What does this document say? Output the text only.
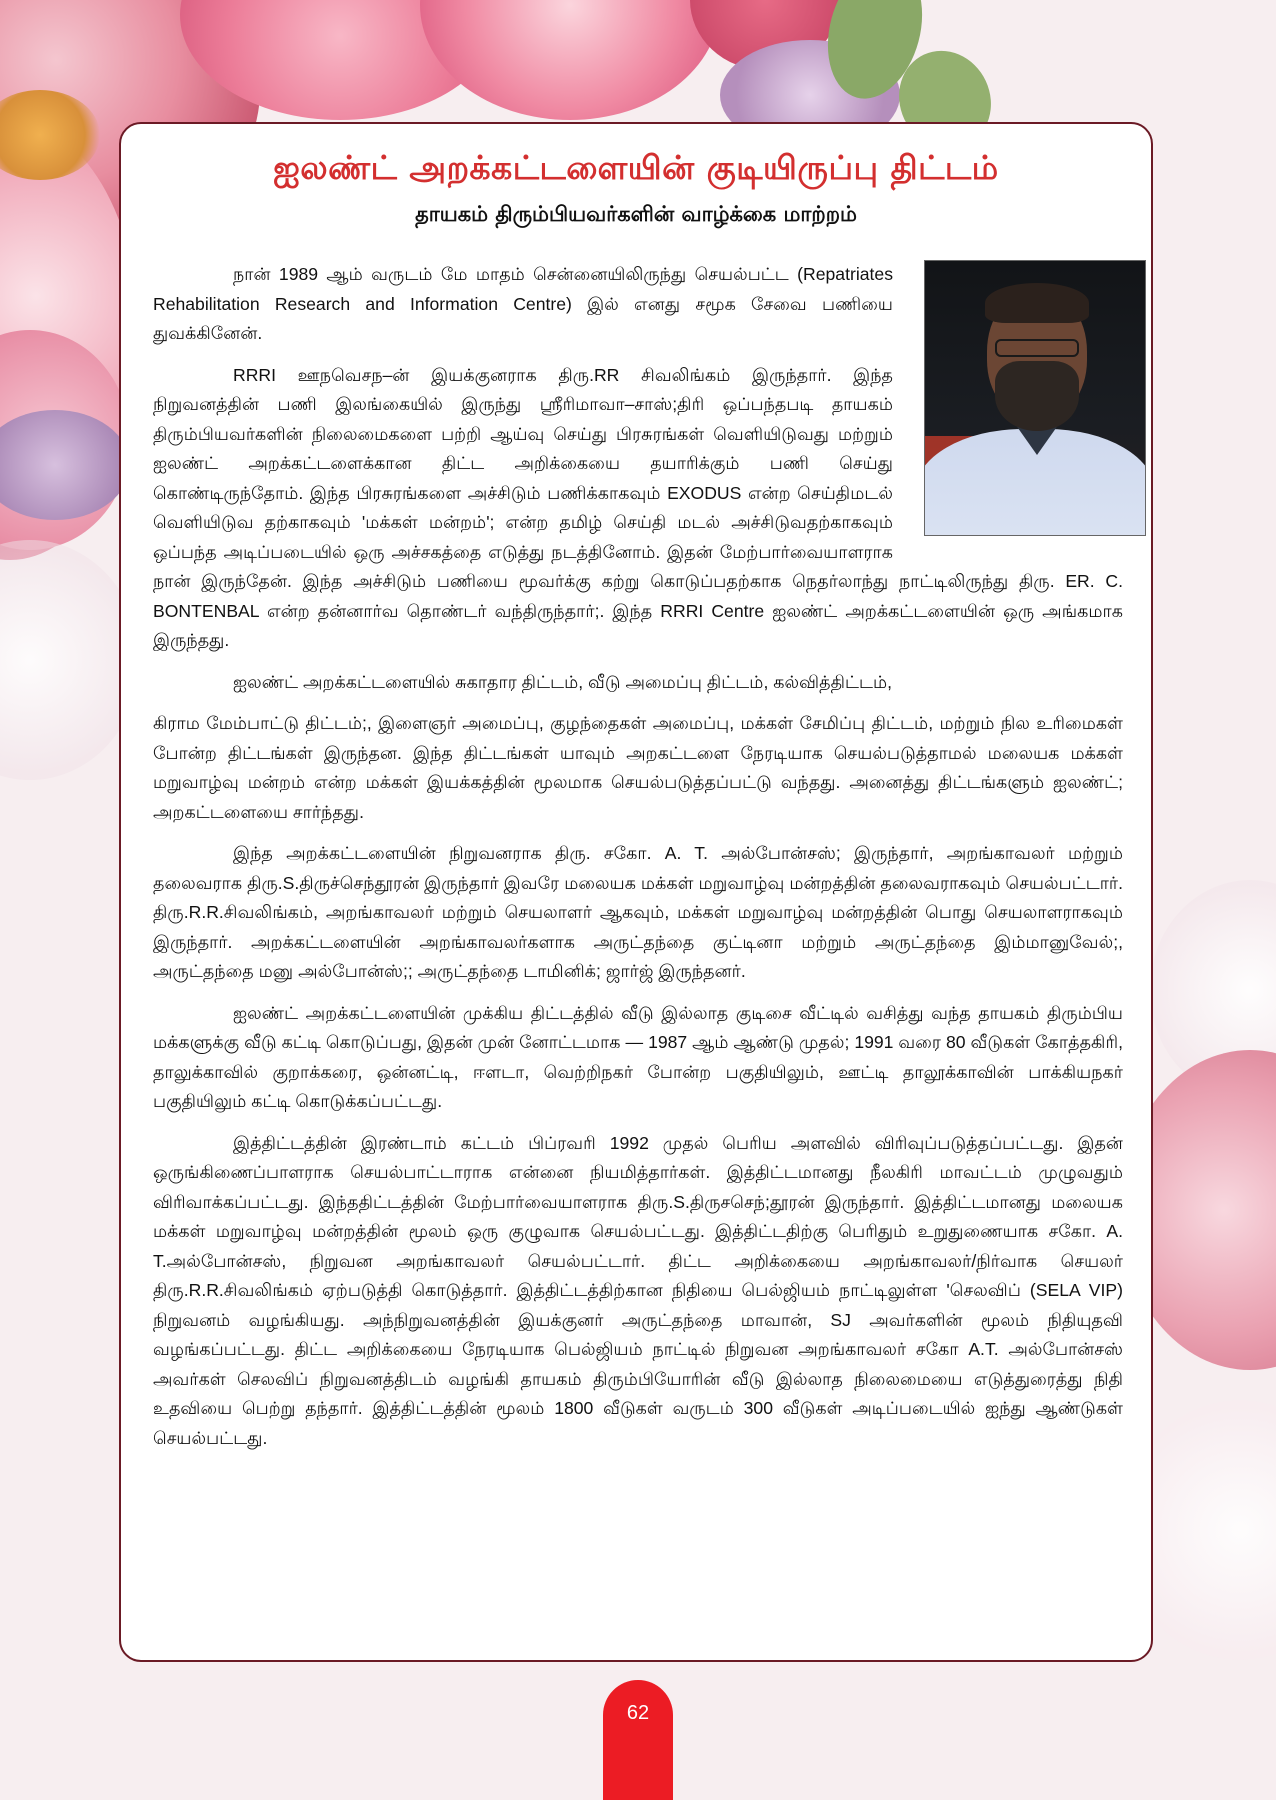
ஐலண்ட் அறக்கட்டளையின் குடியிருப்பு திட்டம்
தாயகம் திரும்பியவர்களின் வாழ்க்கை மாற்றம்

நான் 1989 ஆம் வருடம் மே மாதம் சென்னையிலிருந்து செயல்பட்ட (Repatriates Rehabilitation Research and Information Centre) இல் எனது சமூக சேவை பணியை துவக்கினேன்.

RRRI ஊநவெசந–ன் இயக்குனராக திரு.RR சிவலிங்கம் இருந்தார். இந்த நிறுவனத்தின் பணி இலங்கையில் இருந்து ஸ்ரீரிமாவா–சாஸ்;திரி ஒப்பந்தபடி தாயகம் திரும்பியவர்களின் நிலைமைகளை பற்றி ஆய்வு செய்து பிரசுரங்கள் வெளியிடுவது மற்றும் ஐலண்ட் அறக்கட்டளைக்கான திட்ட அறிக்கையை தயாரிக்கும் பணி செய்து கொண்டிருந்தோம். இந்த பிரசுரங்களை அச்சிடும் பணிக்காகவும் EXODUS என்ற செய்திமடல் வெளியிடுவ தற்காகவும் 'மக்கள் மன்றம்'; என்ற தமிழ் செய்தி மடல் அச்சிடுவதற்காகவும் ஒப்பந்த அடிப்படையில் ஒரு அச்சகத்தை எடுத்து நடத்தினோம். இதன் மேற்பார்வையாளராக நான் இருந்தேன். இந்த அச்சிடும் பணியை மூவர்க்கு கற்று கொடுப்பதற்காக நெதர்லாந்து நாட்டிலிருந்து திரு. ER. C. BONTENBAL என்ற தன்னார்வ தொண்டர் வந்திருந்தார்;. இந்த RRRI Centre ஐலண்ட் அறக்கட்டளையின் ஒரு அங்கமாக இருந்தது.

ஐலண்ட் அறக்கட்டளையில் சுகாதார திட்டம், வீடு அமைப்பு திட்டம், கல்வித்திட்டம்,

கிராம மேம்பாட்டு திட்டம்;, இளைஞர் அமைப்பு, குழந்தைகள் அமைப்பு, மக்கள் சேமிப்பு திட்டம், மற்றும் நில உரிமைகள் போன்ற திட்டங்கள் இருந்தன. இந்த திட்டங்கள் யாவும் அறகட்டளை நேரடியாக செயல்படுத்தாமல் மலையக மக்கள் மறுவாழ்வு மன்றம் என்ற மக்கள் இயக்கத்தின் மூலமாக செயல்படுத்தப்பட்டு வந்தது. அனைத்து திட்டங்களும் ஐலண்ட்; அறகட்டளையை சார்ந்தது.

இந்த அறக்கட்டளையின் நிறுவனராக திரு. சகோ. A. T. அல்போன்சஸ்; இருந்தார், அறங்காவலர் மற்றும் தலைவராக திரு.S.திருச்செந்தூரன் இருந்தார் இவரே மலையக மக்கள் மறுவாழ்வு மன்றத்தின் தலைவராகவும் செயல்பட்டார். திரு.R.R.சிவலிங்கம், அறங்காவலர் மற்றும் செயலாளர் ஆகவும், மக்கள் மறுவாழ்வு மன்றத்தின் பொது செயலாளராகவும் இருந்தார். அறக்கட்டளையின் அறங்காவலர்களாக அருட்தந்தை குட்டினா மற்றும் அருட்தந்தை இம்மானுவேல்;, அருட்தந்தை மனு அல்போன்ஸ்;; அருட்தந்தை டாமினிக்; ஜார்ஜ் இருந்தனர்.

ஐலண்ட் அறக்கட்டளையின் முக்கிய திட்டத்தில் வீடு இல்லாத குடிசை வீட்டில் வசித்து வந்த தாயகம் திரும்பிய மக்களுக்கு வீடு கட்டி கொடுப்பது, இதன் முன் னோட்டமாக — 1987 ஆம் ஆண்டு முதல்; 1991 வரை 80 வீடுகள் கோத்தகிரி, தாலுக்காவில் குறாக்கரை, ஒன்னட்டி, ஈளடா, வெற்றிநகர் போன்ற பகுதியிலும், ஊட்டி தாலூக்காவின் பாக்கியநகர் பகுதியிலும் கட்டி கொடுக்கப்பட்டது.

இத்திட்டத்தின் இரண்டாம் கட்டம் பிப்ரவரி 1992 முதல் பெரிய அளவில் விரிவுப்படுத்தப்பட்டது. இதன் ஒருங்கிணைப்பாளராக செயல்பாட்டாராக என்னை நியமித்தார்கள். இத்திட்டமானது நீலகிரி மாவட்டம் முழுவதும் விரிவாக்கப்பட்டது. இந்ததிட்டத்தின் மேற்பார்வையாளராக திரு.S.திருசசெந்;தூரன் இருந்தார். இத்திட்டமானது மலையக மக்கள் மறுவாழ்வு மன்றத்தின் மூலம் ஒரு குழுவாக செயல்பட்டது. இத்திட்டதிற்கு பெரிதும் உறுதுணையாக சகோ. A. T.அல்போன்சஸ், நிறுவன அறங்காவலர் செயல்பட்டார். திட்ட அறிக்கையை அறங்காவலர்/நிர்வாக செயலர் திரு.R.R.சிவலிங்கம் ஏற்படுத்தி கொடுத்தார். இத்திட்டத்திற்கான நிதியை பெல்ஜியம் நாட்டிலுள்ள 'செலவிப் (SELA VIP) நிறுவனம் வழங்கியது. அந்நிறுவனத்தின் இயக்குனர் அருட்தந்தை மாவான், SJ அவர்களின் மூலம் நிதியுதவி வழங்கப்பட்டது. திட்ட அறிக்கையை நேரடியாக பெல்ஜியம் நாட்டில் நிறுவன அறங்காவலர் சகோ A.T. அல்போன்சஸ் அவர்கள் செலவிப் நிறுவனத்திடம் வழங்கி தாயகம் திரும்பியோரின் வீடு இல்லாத நிலைமையை எடுத்துரைத்து நிதி உதவியை பெற்று தந்தார். இத்திட்டத்தின் மூலம் 1800 வீடுகள் வருடம் 300 வீடுகள் அடிப்படையில் ஐந்து ஆண்டுகள் செயல்பட்டது.

62
